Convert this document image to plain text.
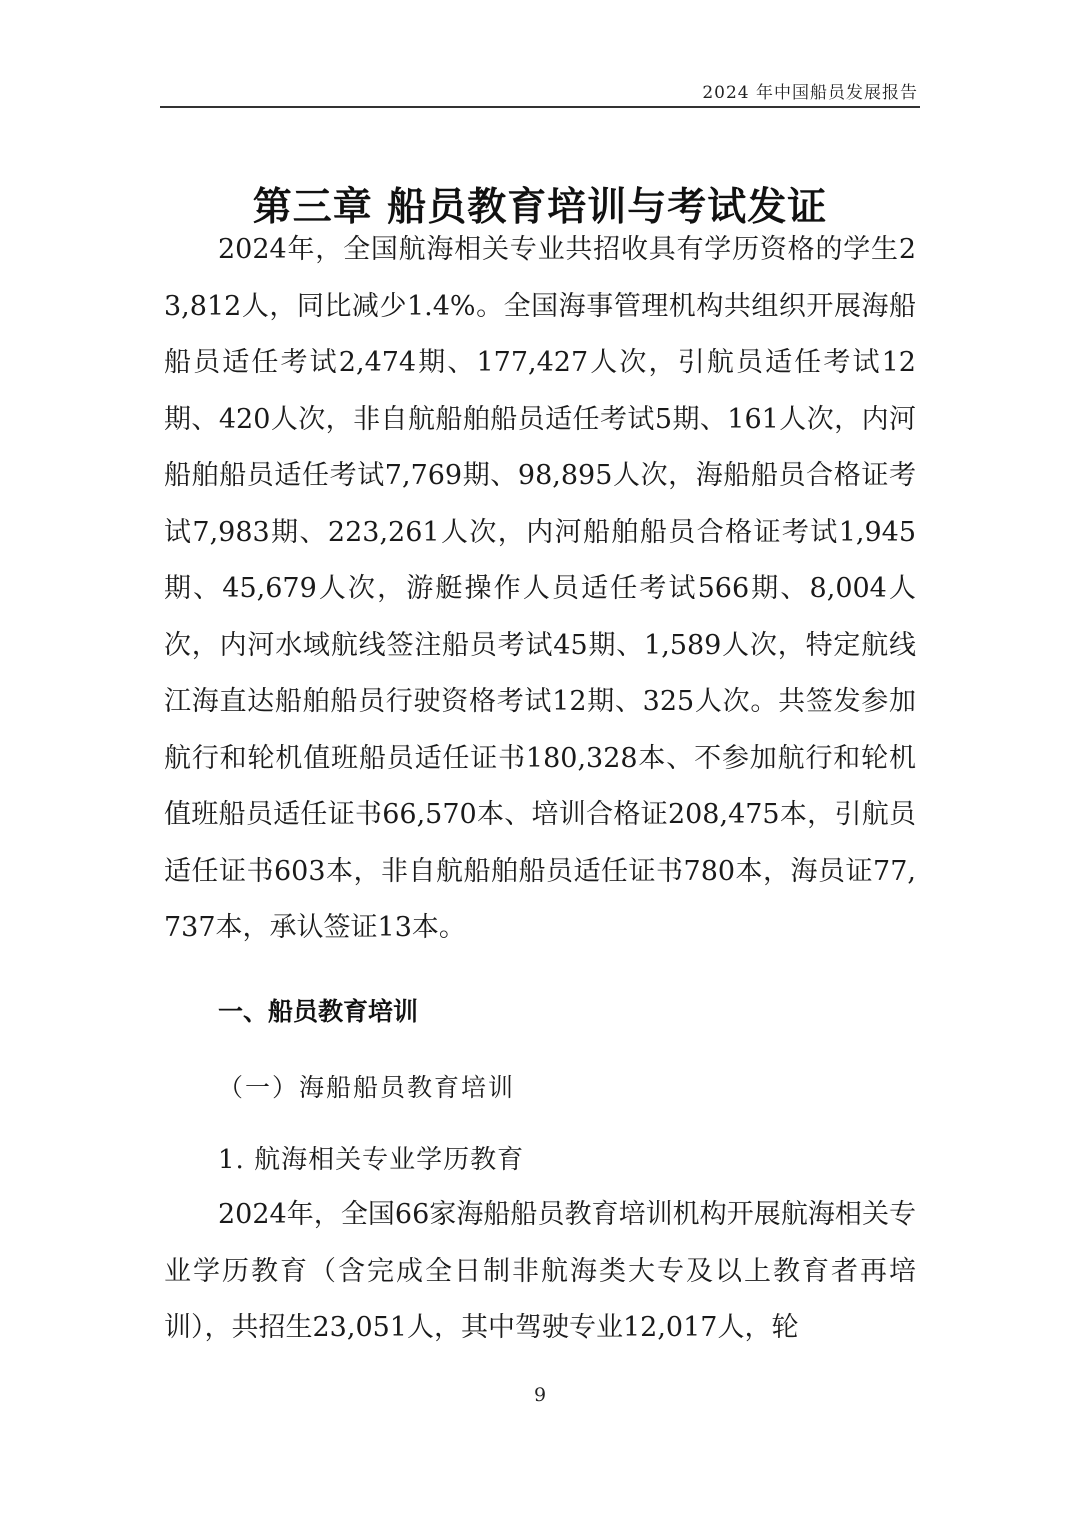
2024 年中国船员发展报告
第三章 船员教育培训与考试发证

2024年，全国航海相关专业共招收具有学历资格的学生23,812人，同比减少1.4%。全国海事管理机构共组织开展海船船员适任考试2,474期、177,427人次，引航员适任考试12期、420人次，非自航船舶船员适任考试5期、161人次，内河船舶船员适任考试7,769期、98,895人次，海船船员合格证考试7,983期、223,261人次，内河船舶船员合格证考试1,945期、45,679人次，游艇操作人员适任考试566期、8,004人次，内河水域航线签注船员考试45期、1,589人次，特定航线江海直达船舶船员行驶资格考试12期、325人次。共签发参加航行和轮机值班船员适任证书180,328本、不参加航行和轮机值班船员适任证书66,570本、培训合格证208,475本，引航员适任证书603本，非自航船舶船员适任证书780本，海员证77,737本，承认签证13本。

一、船员教育培训
（一）海船船员教育培训
1. 航海相关专业学历教育

2024年，全国66家海船船员教育培训机构开展航海相关专业学历教育（含完成全日制非航海类大专及以上教育者再培训），共招生23,051人，其中驾驶专业12,017人，轮

9
